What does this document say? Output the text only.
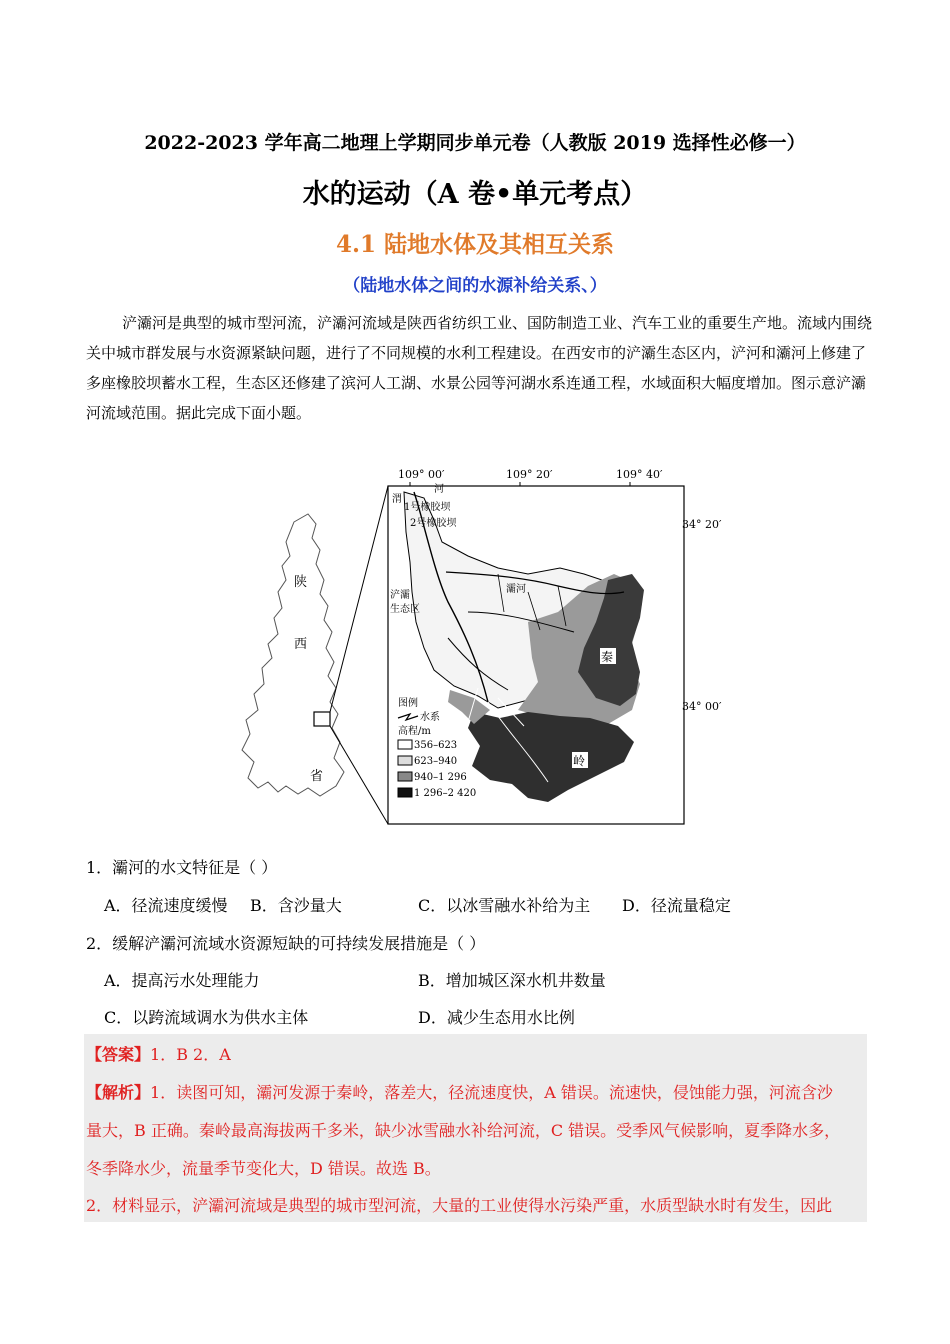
2022-2023 学年高二地理上学期同步单元卷（人教版 2019 选择性必修一）
水的运动（A 卷•单元考点）
4.1 陆地水体及其相互关系
（陆地水体之间的水源补给关系、）
浐灞河是典型的城市型河流，浐灞河流域是陕西省纺织工业、国防制造工业、汽车工业的重要生产地。流域内围绕关中城市群发展与水资源紧缺问题，进行了不同规模的水利工程建设。在西安市的浐灞生态区内，浐河和灞河上修建了多座橡胶坝蓄水工程，生态区还修建了滨河人工湖、水景公园等河湖水系连通工程，水域面积大幅度增加。图示意浐灞河流域范围。据此完成下面小题。
陕
西
省
109° 00′	109° 20′	109° 40′
34° 20′
34° 00′
渭
河
1号橡胶坝
2号橡胶坝
浐灞
生态区
灞河
秦
岭
图例
水系
高程/m
356–623
623–940
940–1 296
1 296–2 420
1．灞河的水文特征是（ ）
A．径流速度缓慢 B．含沙量大	C．以冰雪融水补给为主 D．径流量稳定
2．缓解浐灞河流域水资源短缺的可持续发展措施是（ ）
A．提高污水处理能力	B．增加城区深水机井数量
C．以跨流域调水为供水主体	D．减少生态用水比例
【答案】1．B 2．A
【解析】1．读图可知，灞河发源于秦岭，落差大，径流速度快，A 错误。流速快，侵蚀能力强，河流含沙
量大，B 正确。秦岭最高海拔两千多米，缺少冰雪融水补给河流，C 错误。受季风气候影响，夏季降水多，
冬季降水少，流量季节变化大，D 错误。故选 B。
2．材料显示，浐灞河流域是典型的城市型河流，大量的工业使得水污染严重，水质型缺水时有发生，因此
